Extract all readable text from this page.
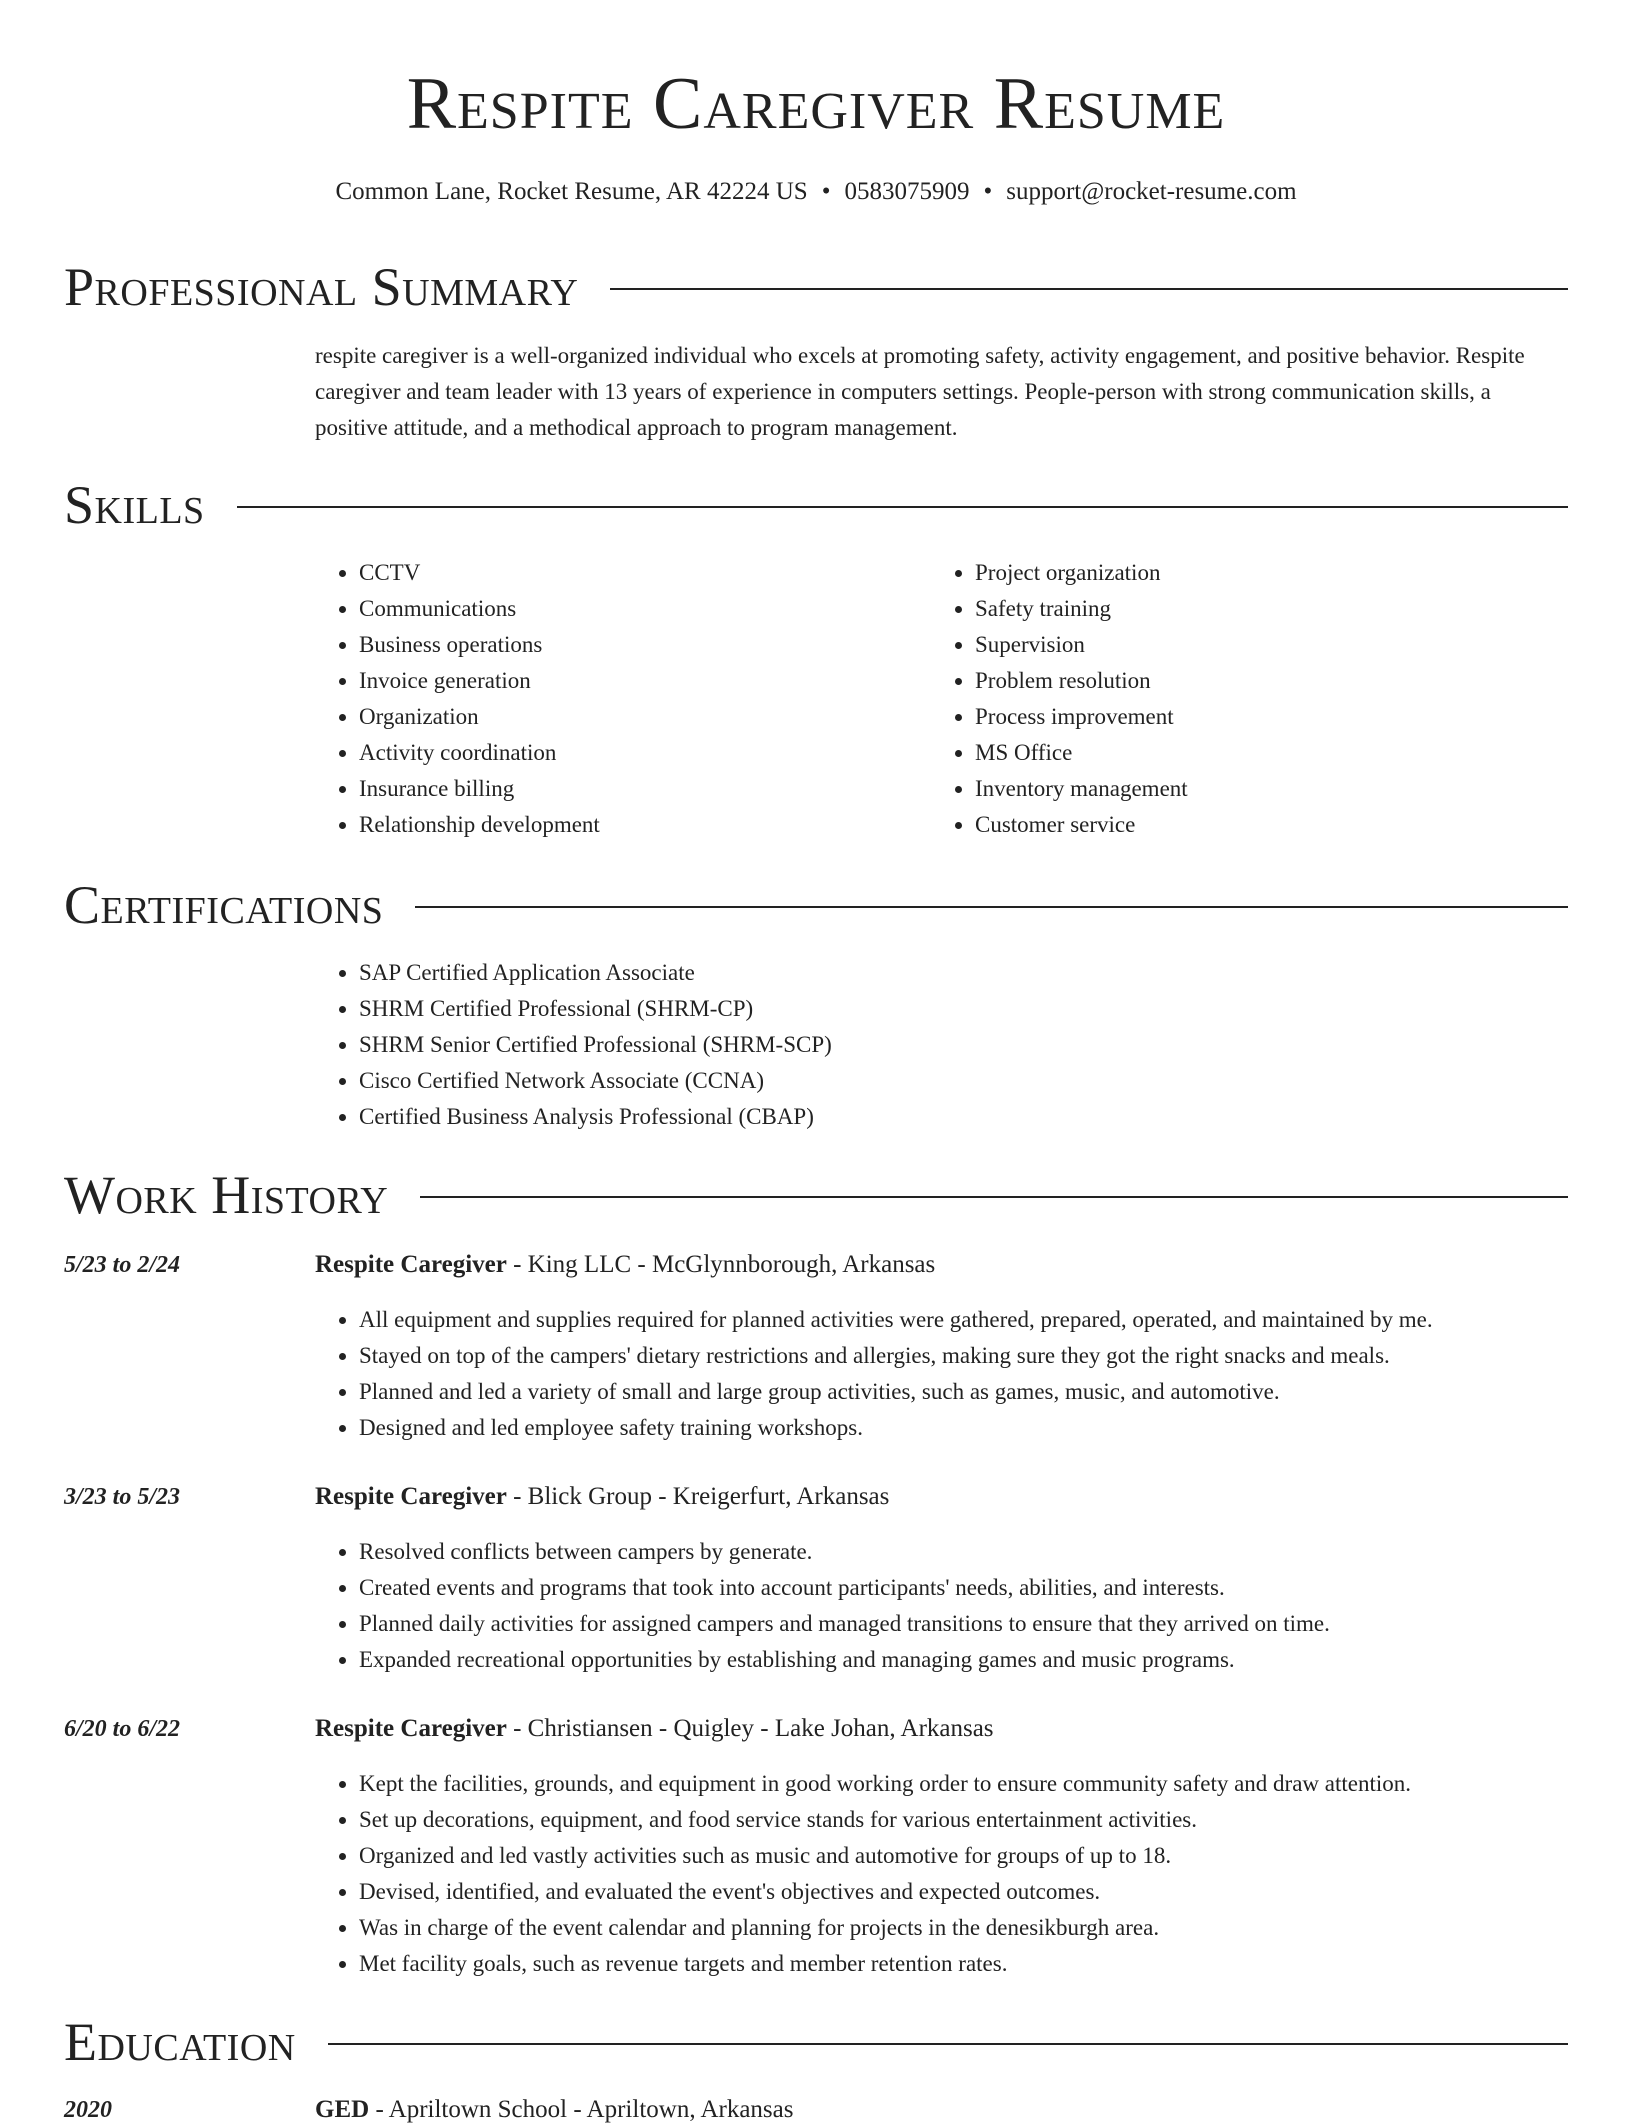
Respite Caregiver Resume
Common Lane, Rocket Resume, AR 42224 US • 0583075909 • support@rocket-resume.com
Professional Summary

respite caregiver is a well-organized individual who excels at promoting safety, activity engagement, and positive behavior. Respite caregiver and team leader with 13 years of experience in computers settings. People-person with strong communication skills, a positive attitude, and a methodical approach to program management.

Skills
• CCTV
• Communications
• Business operations
• Invoice generation
• Organization
• Activity coordination
• Insurance billing
• Relationship development
• Project organization
• Safety training
• Supervision
• Problem resolution
• Process improvement
• MS Office
• Inventory management
• Customer service
Certifications
• SAP Certified Application Associate
• SHRM Certified Professional (SHRM-CP)
• SHRM Senior Certified Professional (SHRM-SCP)
• Cisco Certified Network Associate (CCNA)
• Certified Business Analysis Professional (CBAP)
Work History
5/23 to 2/24	Respite Caregiver - King LLC - McGlynnborough, Arkansas
• All equipment and supplies required for planned activities were gathered, prepared, operated, and maintained by me.
• Stayed on top of the campers' dietary restrictions and allergies, making sure they got the right snacks and meals.
• Planned and led a variety of small and large group activities, such as games, music, and automotive.
• Designed and led employee safety training workshops.
3/23 to 5/23	Respite Caregiver - Blick Group - Kreigerfurt, Arkansas
• Resolved conflicts between campers by generate.
• Created events and programs that took into account participants' needs, abilities, and interests.
• Planned daily activities for assigned campers and managed transitions to ensure that they arrived on time.
• Expanded recreational opportunities by establishing and managing games and music programs.
6/20 to 6/22	Respite Caregiver - Christiansen - Quigley - Lake Johan, Arkansas
• Kept the facilities, grounds, and equipment in good working order to ensure community safety and draw attention.
• Set up decorations, equipment, and food service stands for various entertainment activities.
• Organized and led vastly activities such as music and automotive for groups of up to 18.
• Devised, identified, and evaluated the event's objectives and expected outcomes.
• Was in charge of the event calendar and planning for projects in the denesikburgh area.
• Met facility goals, such as revenue targets and member retention rates.
Education
2020	GED - Apriltown School - Apriltown, Arkansas
